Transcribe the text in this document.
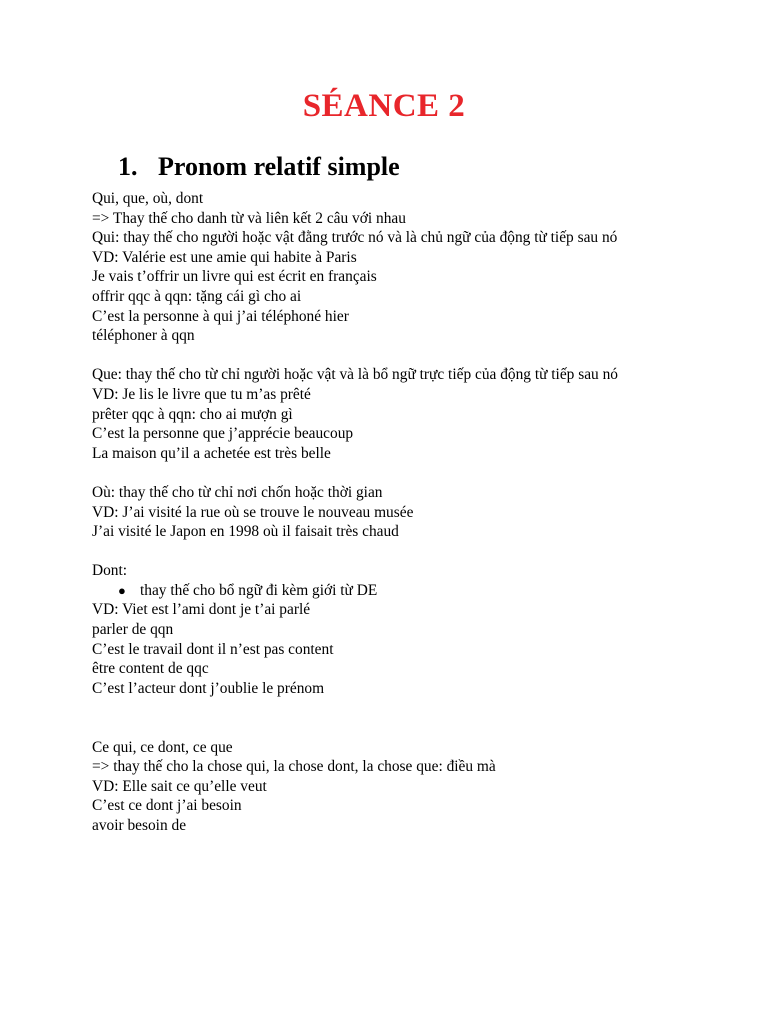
SÉANCE 2
1. Pronom relatif simple
Qui, que, où, dont
=> Thay thế cho danh từ và liên kết 2 câu với nhau
Qui: thay thế cho người hoặc vật đằng trước nó và là chủ ngữ của động từ tiếp sau nó
VD: Valérie est une amie qui habite à Paris
Je vais t’offrir un livre qui est écrit en français
offrir qqc à qqn: tặng cái gì cho ai
C’est la personne à qui j’ai téléphoné hier
téléphoner à qqn
Que: thay thế cho từ chỉ người hoặc vật và là bổ ngữ trực tiếp của động từ tiếp sau nó
VD: Je lis le livre que tu m’as prêté
prêter qqc à qqn: cho ai mượn gì
C’est la personne que j’apprécie beaucoup
La maison qu’il a achetée est très belle
Où: thay thế cho từ chỉ nơi chốn hoặc thời gian
VD: J’ai visité la rue où se trouve le nouveau musée
J’ai visité le Japon en 1998 où il faisait très chaud
Dont:
● thay thế cho bổ ngữ đi kèm giới từ DE
VD: Viet est l’ami dont je t’ai parlé
parler de qqn
C’est le travail dont il n’est pas content
être content de qqc
C’est l’acteur dont j’oublie le prénom
Ce qui, ce dont, ce que
=> thay thế cho la chose qui, la chose dont, la chose que: điều mà
VD: Elle sait ce qu’elle veut
C’est ce dont j’ai besoin
avoir besoin de
